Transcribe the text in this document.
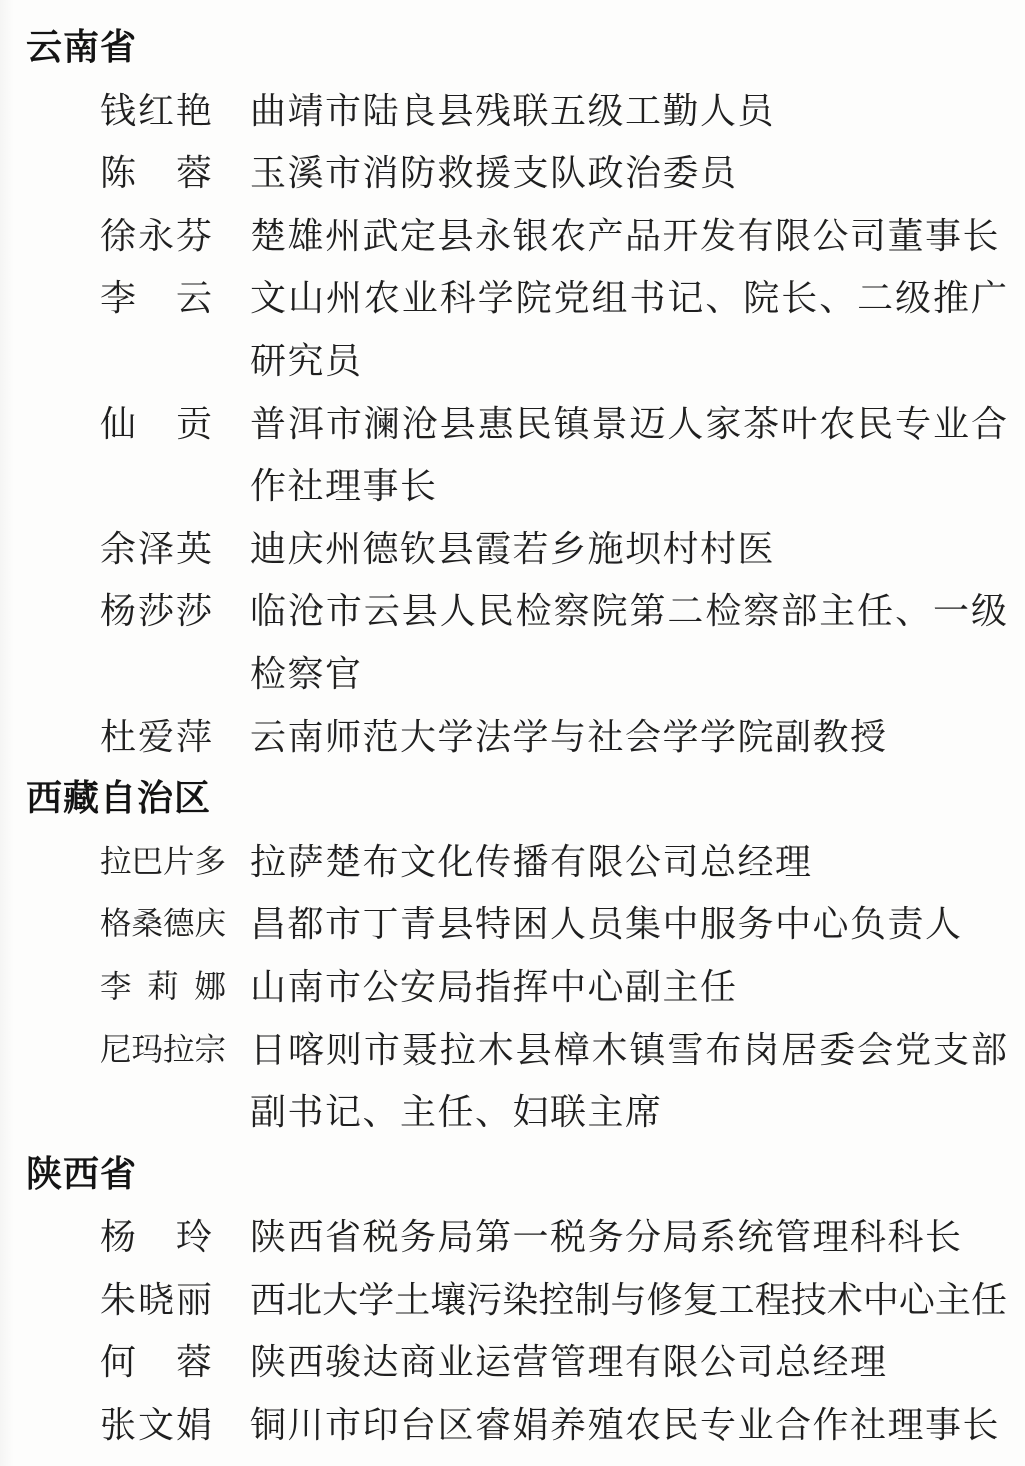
云南省
钱红艳 曲靖市陆良县残联五级工勤人员
陈蓉 玉溪市消防救援支队政治委员
徐永芬 楚雄州武定县永银农产品开发有限公司董事长
李云 文山州农业科学院党组书记、院长、二级推广
研究员
仙贡 普洱市澜沧县惠民镇景迈人家茶叶农民专业合
作社理事长
余泽英 迪庆州德钦县霞若乡施坝村村医
杨莎莎 临沧市云县人民检察院第二检察部主任、一级
检察官
杜爱萍 云南师范大学法学与社会学学院副教授
西藏自治区
拉巴片多 拉萨楚布文化传播有限公司总经理
格桑德庆 昌都市丁青县特困人员集中服务中心负责人
李莉娜 山南市公安局指挥中心副主任
尼玛拉宗 日喀则市聂拉木县樟木镇雪布岗居委会党支部
副书记、主任、妇联主席
陕西省
杨玲 陕西省税务局第一税务分局系统管理科科长
朱晓丽 西北大学土壤污染控制与修复工程技术中心主任
何蓉 陕西骏达商业运营管理有限公司总经理
张文娟 铜川市印台区睿娟养殖农民专业合作社理事长
